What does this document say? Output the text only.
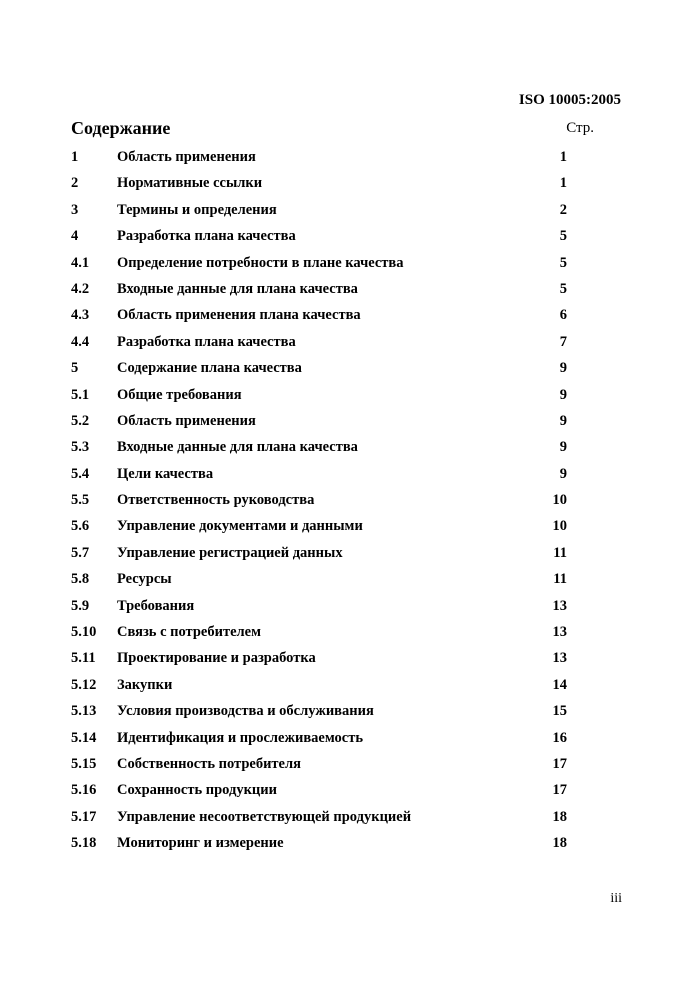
ISO 10005:2005
Содержание	Стр.
1	Область применения	1
2	Нормативные ссылки	1
3	Термины и определения	2
4	Разработка плана качества	5
4.1 Определение потребности в плане качества	5
4.2 Входные данные для плана качества	5
4.3 Область применения плана качества	6
4.4 Разработка плана качества	7
5	Содержание плана качества	9
5.1 Общие требования	9
5.2 Область применения	9
5.3 Входные данные для плана качества	9
5.4 Цели качества	9
5.5 Ответственность руководства	10
5.6 Управление документами и данными	10
5.7 Управление регистрацией данных	11
5.8 Ресурсы	11
5.9 Требования	13
5.10 Связь с потребителем	13
5.11 Проектирование и разработка	13
5.12 Закупки	14
5.13 Условия производства и обслуживания	15
5.14 Идентификация и прослеживаемость	16
5.15 Собственность потребителя	17
5.16 Сохранность продукции	17
5.17 Управление несоответствующей продукцией	18
5.18 Мониторинг и измерение	18
iii
